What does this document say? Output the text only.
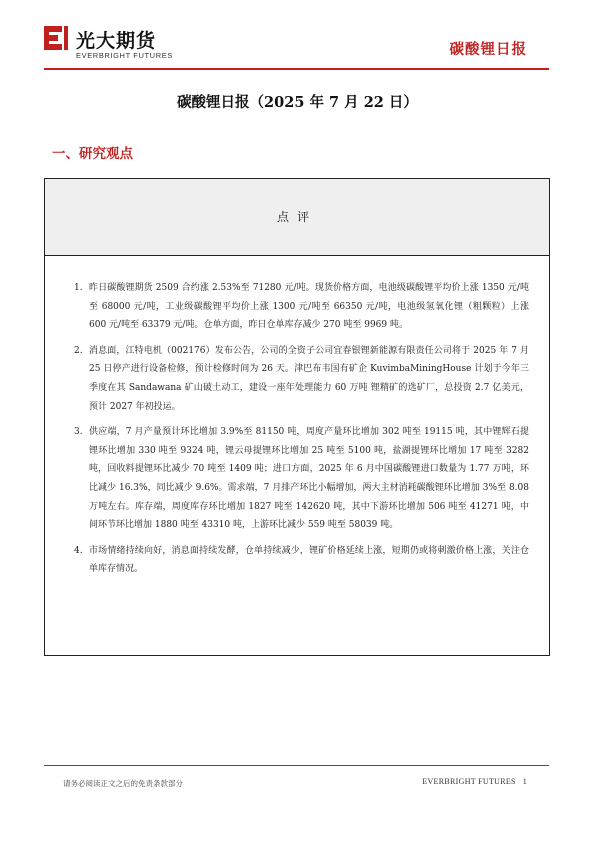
光大期货
EVERBRIGHT FUTURES	碳酸锂日报
碳酸锂日报（2025 年 7 月 22 日）
一、研究观点
点评
1. 昨日碳酸锂期货 2509 合约涨 2.53%至 71280 元/吨。现货价格方面，电池级碳酸锂平均价上涨 1350 元/吨至 68000 元/吨，工业级碳酸锂平均价上涨 1300 元/吨至 66350 元/吨，电池级氢氧化锂（粗颗粒）上涨 600 元/吨至 63379 元/吨。仓单方面，昨日仓单库存减少 270 吨至 9969 吨。
2. 消息面，江特电机（002176）发布公告，公司的全资子公司宜春银锂新能源有限责任公司将于 2025 年 7 月 25 日停产进行设备检修，预计检修时间为 26 天。津巴布韦国有矿企 KuvimbaMiningHouse 计划于今年三季度在其 Sandawana 矿山破土动工，建设一座年处理能力 60 万吨 锂精矿的选矿厂，总投资 2.7 亿美元，预计 2027 年初投运。
3. 供应端，7 月产量预计环比增加 3.9%至 81150 吨，周度产量环比增加 302 吨至 19115 吨，其中锂辉石提锂环比增加 330 吨至 9324 吨，锂云母提锂环比增加 25 吨至 5100 吨，盐湖提锂环比增加 17 吨至 3282 吨，回收料提锂环比减少 70 吨至 1409 吨；进口方面，2025 年 6 月中国碳酸锂进口数量为 1.77 万吨，环比减少 16.3%，同比减少 9.6%。需求端，7 月排产环比小幅增加，两大主材消耗碳酸锂环比增加 3%至 8.08 万吨左右。库存端，周度库存环比增加 1827 吨至 142620 吨，其中下游环比增加 506 吨至 41271 吨，中间环节环比增加 1880 吨至 43310 吨，上游环比减少 559 吨至 58039 吨。
4. 市场情绪持续向好，消息面持续发酵，仓单持续减少，锂矿价格延续上涨，短期仍或将刺激价格上涨，关注仓单库存情况。
请务必阅读正文之后的免责条款部分	EVERBRIGHT FUTURES 1
